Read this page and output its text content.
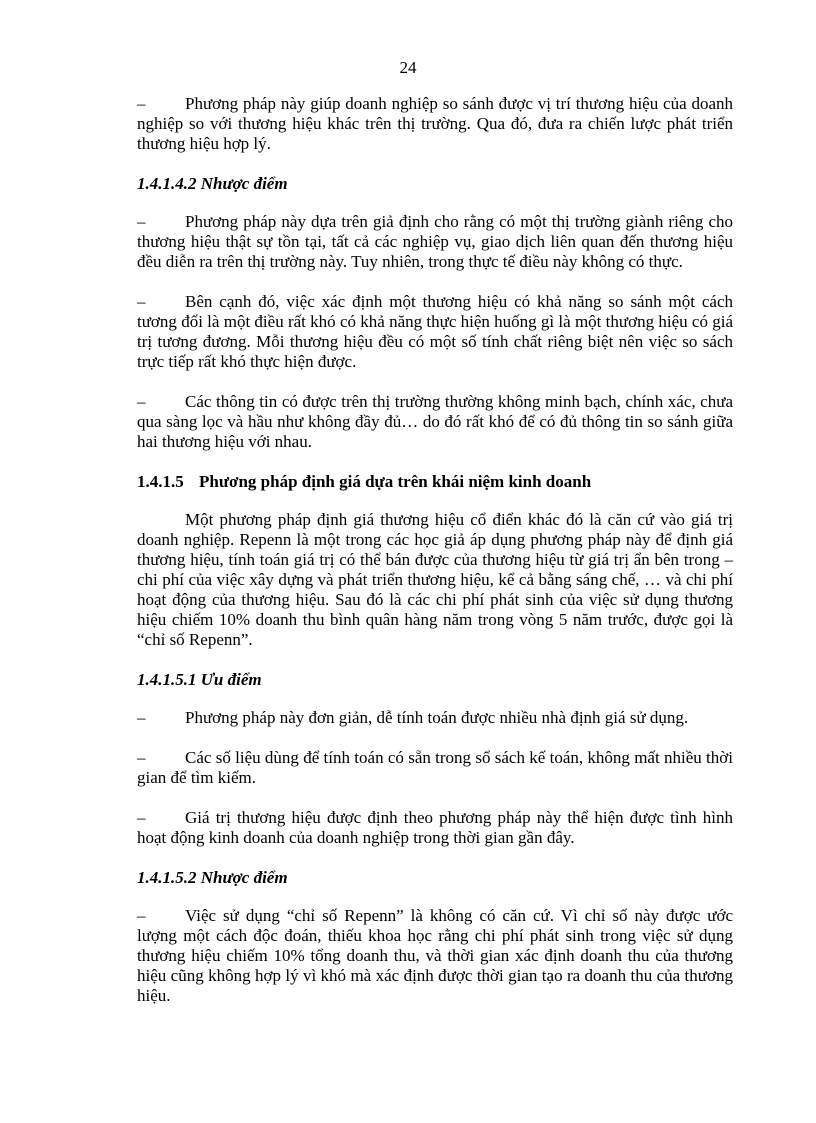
24

– Phương pháp này giúp doanh nghiệp so sánh được vị trí thương hiệu của doanh nghiệp so với thương hiệu khác trên thị trường. Qua đó, đưa ra chiến lược phát triển thương hiệu hợp lý.

1.4.1.4.2 Nhược điểm

– Phương pháp này dựa trên giả định cho rằng có một thị trường giành riêng cho thương hiệu thật sự tồn tại, tất cả các nghiệp vụ, giao dịch liên quan đến thương hiệu đều diễn ra trên thị trường này. Tuy nhiên, trong thực tế điều này không có thực.

– Bên cạnh đó, việc xác định một thương hiệu có khả năng so sánh một cách tương đối là một điều rất khó có khả năng thực hiện huống gì là một thương hiệu có giá trị tương đương. Mỗi thương hiệu đều có một số tính chất riêng biệt nên việc so sách trực tiếp rất khó thực hiện được.

– Các thông tin có được trên thị trường thường không minh bạch, chính xác, chưa qua sàng lọc và hầu như không đầy đủ… do đó rất khó để có đủ thông tin so sánh giữa hai thương hiệu với nhau.

1.4.1.5 Phương pháp định giá dựa trên khái niệm kinh doanh

Một phương pháp định giá thương hiệu cổ điển khác đó là căn cứ vào giá trị doanh nghiệp. Repenn là một trong các học giả áp dụng phương pháp này để định giá thương hiệu, tính toán giá trị có thể bán được của thương hiệu từ giá trị ẩn bên trong – chi phí của việc xây dựng và phát triển thương hiệu, kể cả bằng sáng chế, … và chi phí hoạt động của thương hiệu. Sau đó là các chi phí phát sinh của việc sử dụng thương hiệu chiếm 10% doanh thu bình quân hàng năm trong vòng 5 năm trước, được gọi là “chỉ số Repenn”.

1.4.1.5.1 Ưu điểm

– Phương pháp này đơn giản, dễ tính toán được nhiều nhà định giá sử dụng.

– Các số liệu dùng để tính toán có sẵn trong sổ sách kế toán, không mất nhiều thời gian để tìm kiếm.

– Giá trị thương hiệu được định theo phương pháp này thể hiện được tình hình hoạt động kinh doanh của doanh nghiệp trong thời gian gần đây.

1.4.1.5.2 Nhược điểm

– Việc sử dụng “chỉ số Repenn” là không có căn cứ. Vì chỉ số này được ước lượng một cách độc đoán, thiếu khoa học rằng chi phí phát sinh trong việc sử dụng thương hiệu chiếm 10% tổng doanh thu, và thời gian xác định doanh thu của thương hiệu cũng không hợp lý vì khó mà xác định được thời gian tạo ra doanh thu của thương hiệu.
